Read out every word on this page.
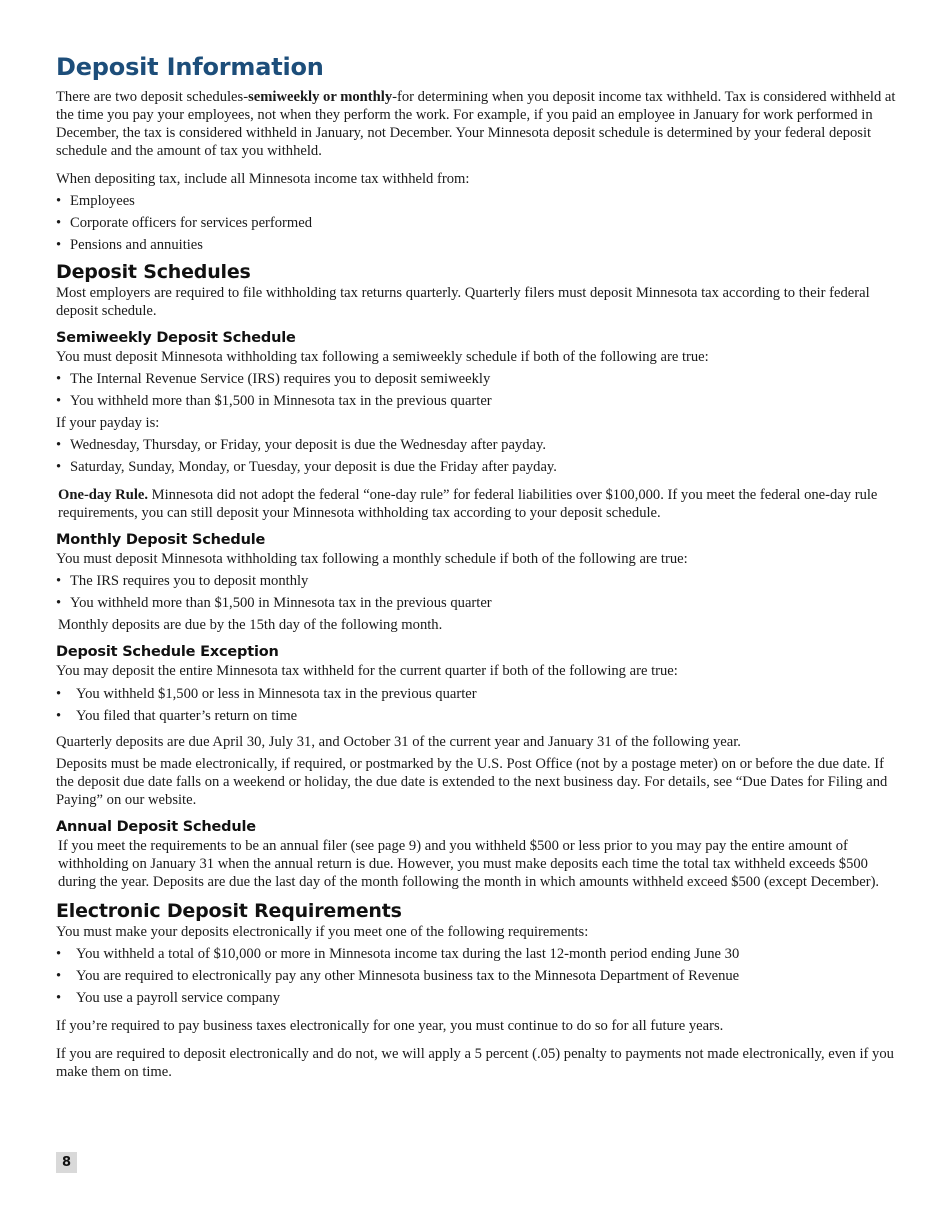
Deposit Information

There are two deposit schedules-semiweekly or monthly-for determining when you deposit income tax withheld. Tax is considered withheld at the time you pay your employees, not when they perform the work. For example, if you paid an employee in January for work performed in December, the tax is considered withheld in January, not December. Your Minnesota deposit schedule is determined by your federal deposit schedule and the amount of tax you withheld.

When depositing tax, include all Minnesota income tax withheld from:

• Employees
• Corporate officers for services performed
• Pensions and annuities
Deposit Schedules

Most employers are required to file withholding tax returns quarterly. Quarterly filers must deposit Minnesota tax according to their federal deposit schedule.

Semiweekly Deposit Schedule

You must deposit Minnesota withholding tax following a semiweekly schedule if both of the following are true:

• The Internal Revenue Service (IRS) requires you to deposit semiweekly
• You withheld more than $1,500 in Minnesota tax in the previous quarter

If your payday is:

• Wednesday, Thursday, or Friday, your deposit is due the Wednesday after payday.
• Saturday, Sunday, Monday, or Tuesday, your deposit is due the Friday after payday.

One-day Rule. Minnesota did not adopt the federal “one-day rule” for federal liabilities over $100,000. If you meet the federal one-day rule requirements, you can still deposit your Minnesota withholding tax according to your deposit schedule.

Monthly Deposit Schedule

You must deposit Minnesota withholding tax following a monthly schedule if both of the following are true:

• The IRS requires you to deposit monthly
• You withheld more than $1,500 in Minnesota tax in the previous quarter

Monthly deposits are due by the 15th day of the following month.

Deposit Schedule Exception

You may deposit the entire Minnesota tax withheld for the current quarter if both of the following are true:

• You withheld $1,500 or less in Minnesota tax in the previous quarter
• You filed that quarter’s return on time

Quarterly deposits are due April 30, July 31, and October 31 of the current year and January 31 of the following year.

Deposits must be made electronically, if required, or postmarked by the U.S. Post Office (not by a postage meter) on or before the due date. If the deposit due date falls on a weekend or holiday, the due date is extended to the next business day. For details, see “Due Dates for Filing and Paying” on our website.

Annual Deposit Schedule

If you meet the requirements to be an annual filer (see page 9) and you withheld $500 or less prior to you may pay the entire amount of withholding on January 31 when the annual return is due. However, you must make deposits each time the total tax withheld exceeds $500 during the year. Deposits are due the last day of the month following the month in which amounts withheld exceed $500 (except December).

Electronic Deposit Requirements

You must make your deposits electronically if you meet one of the following requirements:

• You withheld a total of $10,000 or more in Minnesota income tax during the last 12-month period ending June 30
• You are required to electronically pay any other Minnesota business tax to the Minnesota Department of Revenue
• You use a payroll service company

If you’re required to pay business taxes electronically for one year, you must continue to do so for all future years.

If you are required to deposit electronically and do not, we will apply a 5 percent (.05) penalty to payments not made electronically, even if you make them on time.

8
